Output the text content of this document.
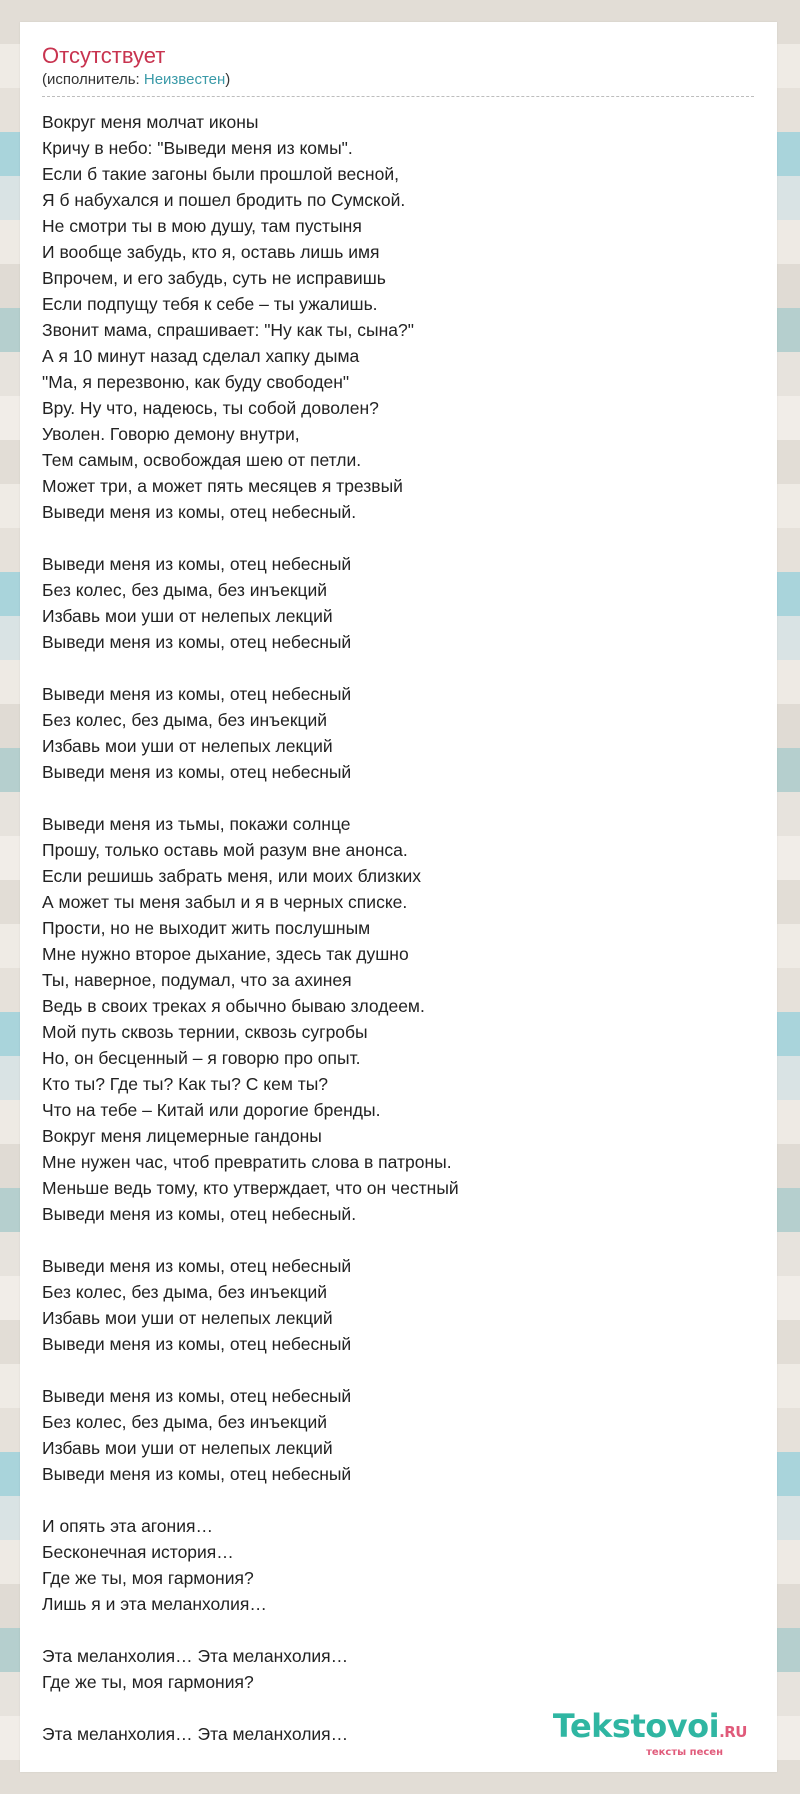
Отсутствует
(исполнитель: Неизвестен)
Вокруг меня молчат иконы
Кричу в небо: "Выведи меня из комы".
Если б такие загоны были прошлой весной,
Я б набухался и пошел бродить по Сумской.
Не смотри ты в мою душу, там пустыня
И вообще забудь, кто я, оставь лишь имя
Впрочем, и его забудь, суть не исправишь
Если подпущу тебя к себе – ты ужалишь.
Звонит мама, спрашивает: "Ну как ты, сына?"
А я 10 минут назад сделал хапку дыма
"Ма, я перезвоню, как буду свободен"
Вру. Ну что, надеюсь, ты собой доволен?
Уволен. Говорю демону внутри,
Тем самым, освобождая шею от петли.
Может три, а может пять месяцев я трезвый
Выведи меня из комы, отец небесный.

Выведи меня из комы, отец небесный
Без колес, без дыма, без инъекций
Избавь мои уши от нелепых лекций
Выведи меня из комы, отец небесный

Выведи меня из комы, отец небесный
Без колес, без дыма, без инъекций
Избавь мои уши от нелепых лекций
Выведи меня из комы, отец небесный

Выведи меня из тьмы, покажи солнце
Прошу, только оставь мой разум вне анонса.
Если решишь забрать меня, или моих близких
А может ты меня забыл и я в черных списке.
Прости, но не выходит жить послушным
Мне нужно второе дыхание, здесь так душно
Ты, наверное, подумал, что за ахинея
Ведь в своих треках я обычно бываю злодеем.
Мой путь сквозь тернии, сквозь сугробы
Но, он бесценный – я говорю про опыт.
Кто ты? Где ты? Как ты? С кем ты?
Что на тебе – Китай или дорогие бренды.
Вокруг меня лицемерные гандоны
Мне нужен час, чтоб превратить слова в патроны.
Меньше ведь тому, кто утверждает, что он честный
Выведи меня из комы, отец небесный.

Выведи меня из комы, отец небесный
Без колес, без дыма, без инъекций
Избавь мои уши от нелепых лекций
Выведи меня из комы, отец небесный

Выведи меня из комы, отец небесный
Без колес, без дыма, без инъекций
Избавь мои уши от нелепых лекций
Выведи меня из комы, отец небесный

И опять эта агония…
Бесконечная история…
Где же ты, моя гармония?
Лишь я и эта меланхолия…

Эта меланхолия… Эта меланхолия…
Где же ты, моя гармония?

Эта меланхолия… Эта меланхолия…	Tekstovoi.RU
тексты песен
